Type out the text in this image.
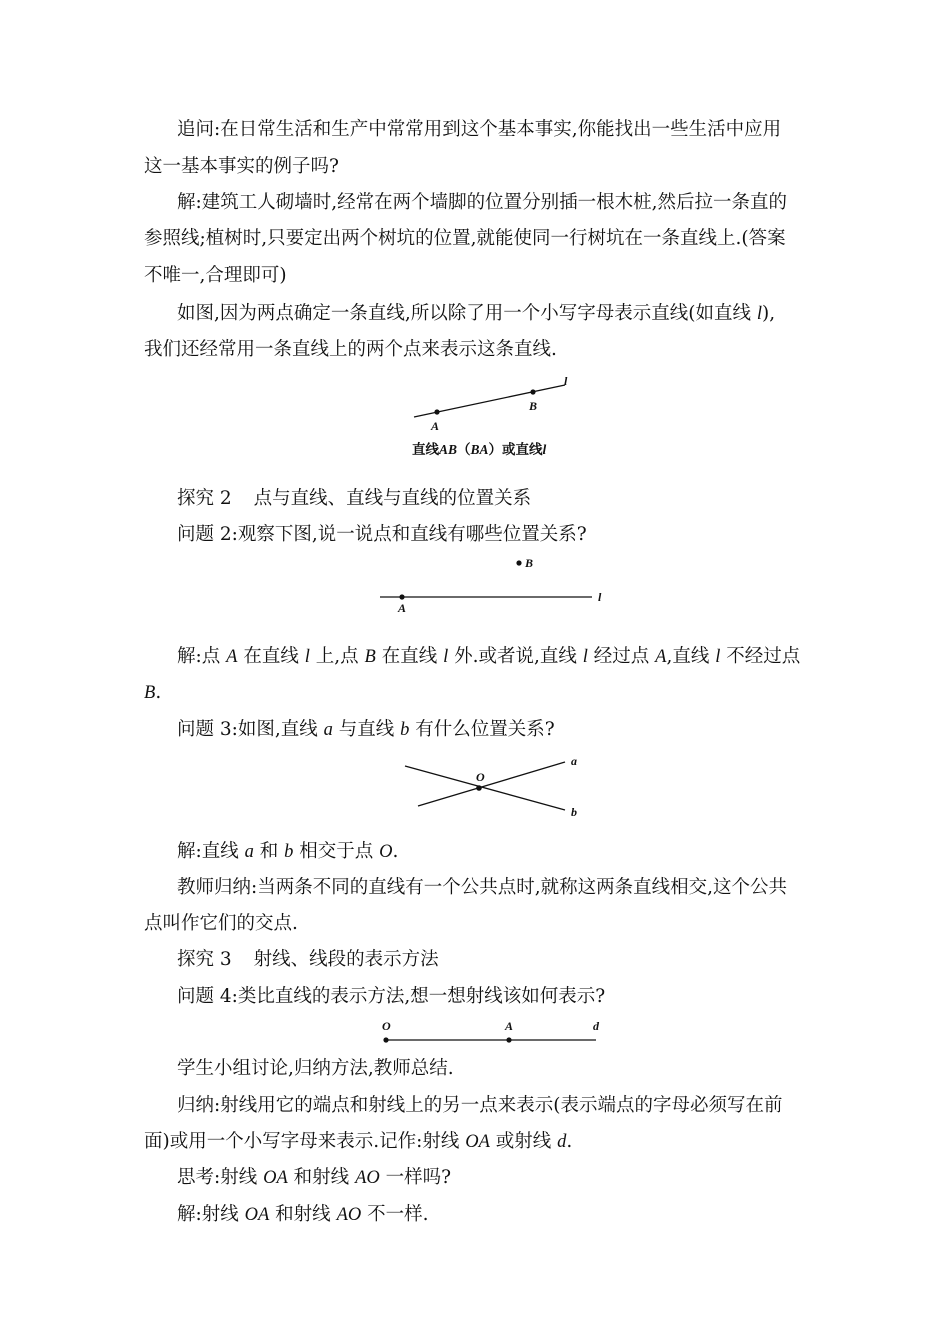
追问:在日常生活和生产中常常用到这个基本事实,你能找出一些生活中应用
这一基本事实的例子吗?
解:建筑工人砌墙时,经常在两个墙脚的位置分别插一根木桩,然后拉一条直的
参照线;植树时,只要定出两个树坑的位置,就能使同一行树坑在一条直线上.(答案
不唯一,合理即可)
如图,因为两点确定一条直线,所以除了用一个小写字母表示直线(如直线 l),
我们还经常用一条直线上的两个点来表示这条直线.
A
B
l
直线AB（BA）或直线l
探究 2 点与直线、直线与直线的位置关系
问题 2:观察下图,说一说点和直线有哪些位置关系?
A
B
l
解:点 A 在直线 l 上,点 B 在直线 l 外.或者说,直线 l 经过点 A,直线 l 不经过点
B.
问题 3:如图,直线 a 与直线 b 有什么位置关系?
O
a
b
解:直线 a 和 b 相交于点 O.
教师归纳:当两条不同的直线有一个公共点时,就称这两条直线相交,这个公共
点叫作它们的交点.
探究 3 射线、线段的表示方法
问题 4:类比直线的表示方法,想一想射线该如何表示?
O	A	d
学生小组讨论,归纳方法,教师总结.
归纳:射线用它的端点和射线上的另一点来表示(表示端点的字母必须写在前
面)或用一个小写字母来表示.记作:射线 OA 或射线 d.
思考:射线 OA 和射线 AO 一样吗?
解:射线 OA 和射线 AO 不一样.
